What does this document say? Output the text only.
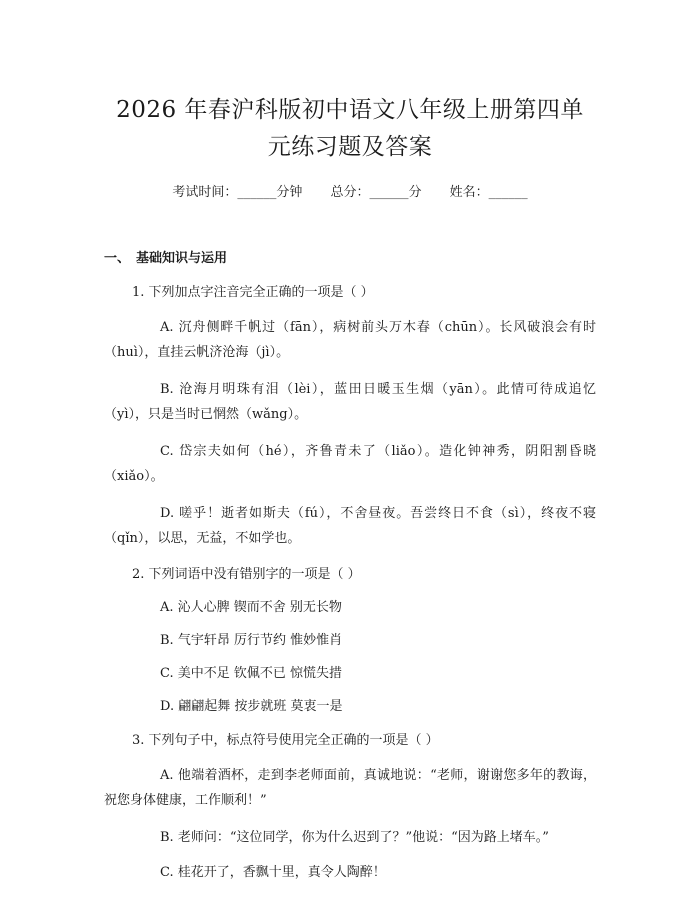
2026 年春沪科版初中语文八年级上册第四单
元练习题及答案
考试时间：______分钟 总分：______分 姓名：______
一、 基础知识与运用
1. 下列加点字注音完全正确的一项是（ ）
A. 沉舟侧畔千帆过（fān），病树前头万木春（chūn）。长风破浪会有时（huì），直挂云帆济沧海（jì）。
B. 沧海月明珠有泪（lèi），蓝田日暖玉生烟（yān）。此情可待成追忆（yì），只是当时已惘然（wǎng）。
C. 岱宗夫如何（hé），齐鲁青未了（liǎo）。造化钟神秀，阴阳割昏晓（xiǎo）。
D. 嗟乎！逝者如斯夫（fú），不舍昼夜。吾尝终日不食（sì），终夜不寝（qǐn），以思，无益，不如学也。
2. 下列词语中没有错别字的一项是（ ）
A. 沁人心脾 锲而不舍 别无长物
B. 气宇轩昂 厉行节约 惟妙惟肖
C. 美中不足 钦佩不已 惊慌失措
D. 翩翩起舞 按步就班 莫衷一是
3. 下列句子中，标点符号使用完全正确的一项是（ ）
A. 他端着酒杯，走到李老师面前，真诚地说：“老师，谢谢您多年的教诲，祝您身体健康，工作顺利！”
B. 老师问：“这位同学，你为什么迟到了？”他说：“因为路上堵车。”
C. 桂花开了，香飘十里，真令人陶醉！
